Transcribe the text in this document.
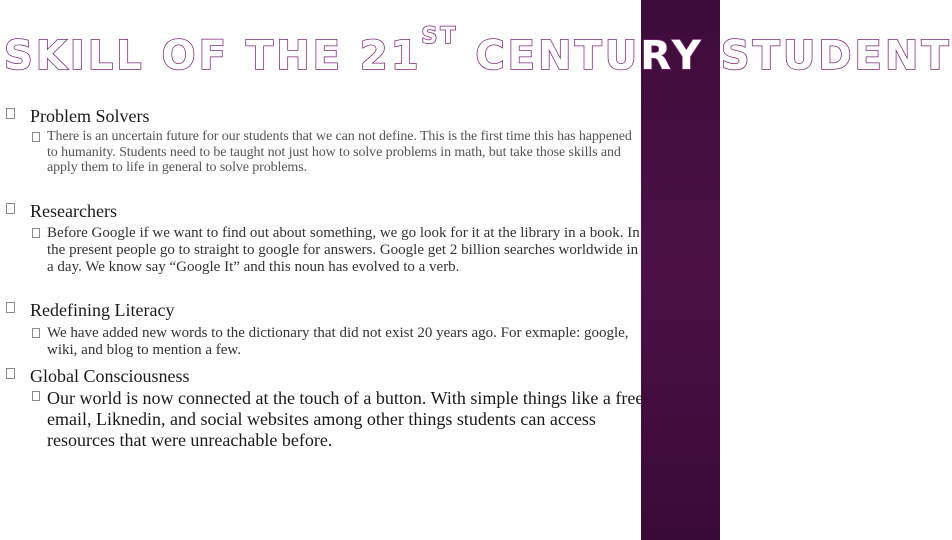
SKILL OF THE 21ST CENTURY STUDENT
Problem Solvers
There is an uncertain future for our students that we can not define. This is the first time this has happened to humanity. Students need to be taught not just how to solve problems in math, but take those skills and apply them to life in general to solve problems.
Researchers
Before Google if we want to find out about something, we go look for it at the library in a book. In the present people go to straight to google for answers. Google get 2 billion searches worldwide in a day. We know say “Google It” and this noun has evolved to a verb.
Redefining Literacy
We have added new words to the dictionary that did not exist 20 years ago. For exmaple: google, wiki, and blog to mention a few.
Global Consciousness
Our world is now connected at the touch of a button. With simple things like a free email, Liknedin, and social websites among other things students can access resources that were unreachable before.
